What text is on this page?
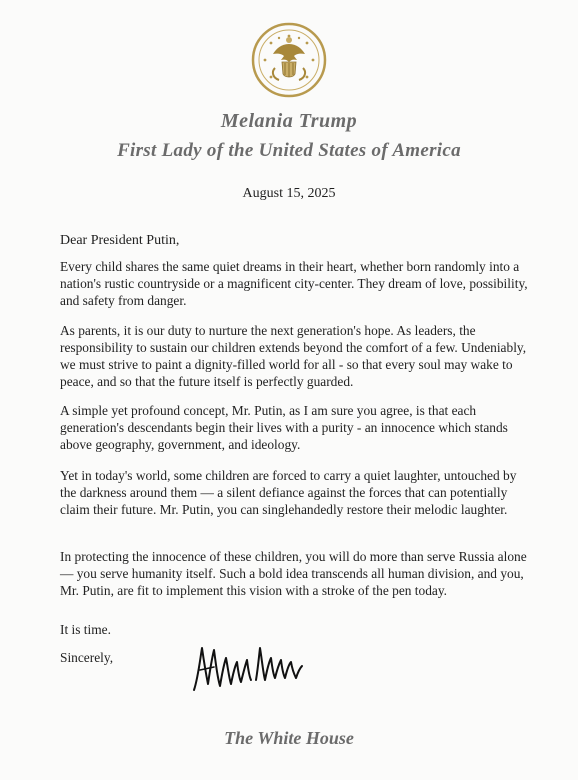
Melania Trump
First Lady of the United States of America
August 15, 2025
Dear President Putin,

Every child shares the same quiet dreams in their heart, whether born randomly into a nation's rustic countryside or a magnificent city-center. They dream of love, possibility, and safety from danger.

As parents, it is our duty to nurture the next generation's hope. As leaders, the responsibility to sustain our children extends beyond the comfort of a few. Undeniably, we must strive to paint a dignity-filled world for all - so that every soul may wake to peace, and so that the future itself is perfectly guarded.

A simple yet profound concept, Mr. Putin, as I am sure you agree, is that each generation's descendants begin their lives with a purity - an innocence which stands above geography, government, and ideology.

Yet in today's world, some children are forced to carry a quiet laughter, untouched by the darkness around them — a silent defiance against the forces that can potentially claim their future. Mr. Putin, you can singlehandedly restore their melodic laughter.

In protecting the innocence of these children, you will do more than serve Russia alone — you serve humanity itself. Such a bold idea transcends all human division, and you, Mr. Putin, are fit to implement this vision with a stroke of the pen today.

It is time.
Sincerely,
The White House
